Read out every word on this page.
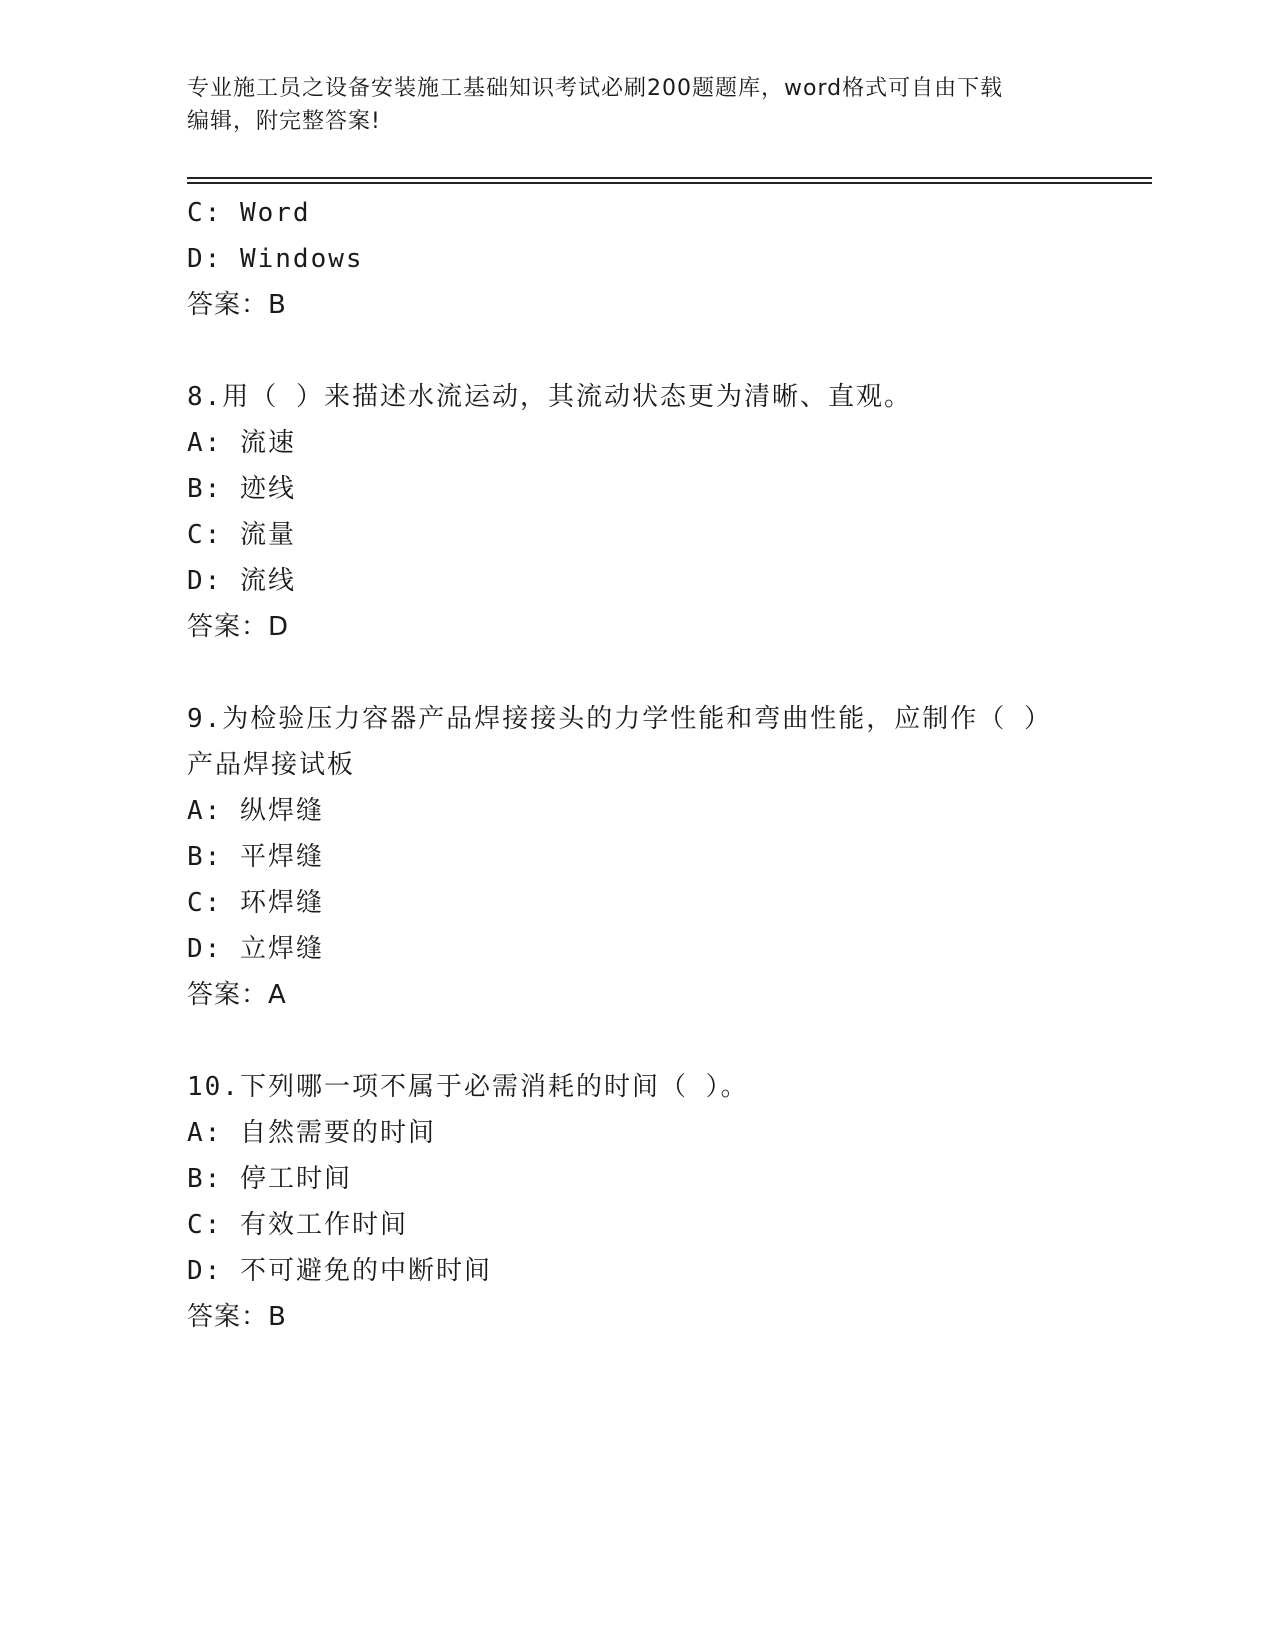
专业施工员之设备安装施工基础知识考试必刷200题题库，word格式可自由下载
编辑，附完整答案!
C: Word
D: Windows
答案：B
8.用（ ）来描述水流运动，其流动状态更为清晰、直观。
A: 流速
B: 迹线
C: 流量
D: 流线
答案：D
9.为检验压力容器产品焊接接头的力学性能和弯曲性能，应制作（ ）
产品焊接试板
A: 纵焊缝
B: 平焊缝
C: 环焊缝
D: 立焊缝
答案：A
10.下列哪一项不属于必需消耗的时间（ ）。
A: 自然需要的时间
B: 停工时间
C: 有效工作时间
D: 不可避免的中断时间
答案：B
